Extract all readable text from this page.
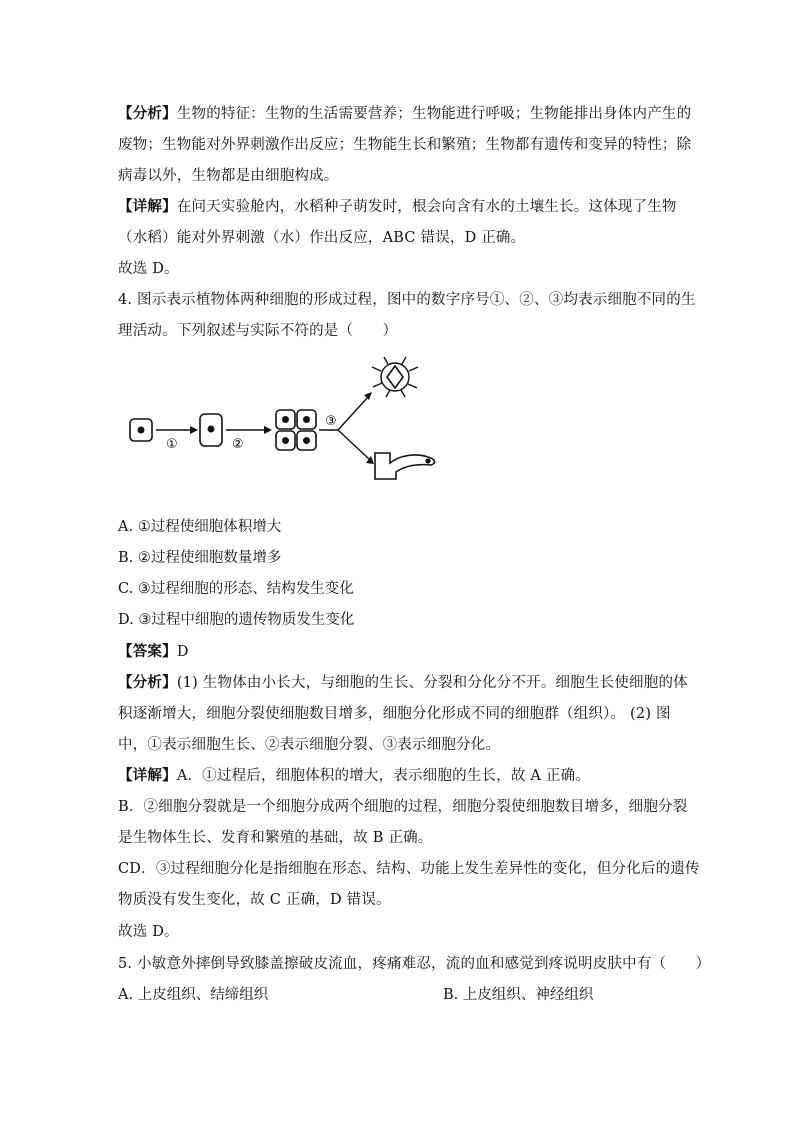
【分析】生物的特征：生物的生活需要营养；生物能进行呼吸；生物能排出身体内产生的
废物；生物能对外界刺激作出反应；生物能生长和繁殖；生物都有遗传和变异的特性；除
病毒以外，生物都是由细胞构成。
【详解】在问天实验舱内，水稻种子萌发时，根会向含有水的土壤生长。这体现了生物
（水稻）能对外界刺激（水）作出反应，ABC 错误，D 正确。
故选 D。
4. 图示表示植物体两种细胞的形成过程，图中的数字序号①、②、③均表示细胞不同的生
理活动。下列叙述与实际不符的是（　　）
①	②
③
A. ①过程使细胞体积增大
B. ②过程使细胞数量增多
C. ③过程细胞的形态、结构发生变化
D. ③过程中细胞的遗传物质发生变化
【答案】D
【分析】(1) 生物体由小长大，与细胞的生长、分裂和分化分不开。细胞生长使细胞的体
积逐渐增大，细胞分裂使细胞数目增多，细胞分化形成不同的细胞群（组织）。 (2) 图
中，①表示细胞生长、②表示细胞分裂、③表示细胞分化。
【详解】A．①过程后，细胞体积的增大，表示细胞的生长，故 A 正确。
B．②细胞分裂就是一个细胞分成两个细胞的过程，细胞分裂使细胞数目增多，细胞分裂
是生物体生长、发育和繁殖的基础，故 B 正确。
CD．③过程细胞分化是指细胞在形态、结构、功能上发生差异性的变化，但分化后的遗传
物质没有发生变化，故 C 正确，D 错误。
故选 D。
5. 小敏意外摔倒导致膝盖擦破皮流血，疼痛难忍，流的血和感觉到疼说明皮肤中有（　　）
A. 上皮组织、结缔组织	B. 上皮组织、神经组织
